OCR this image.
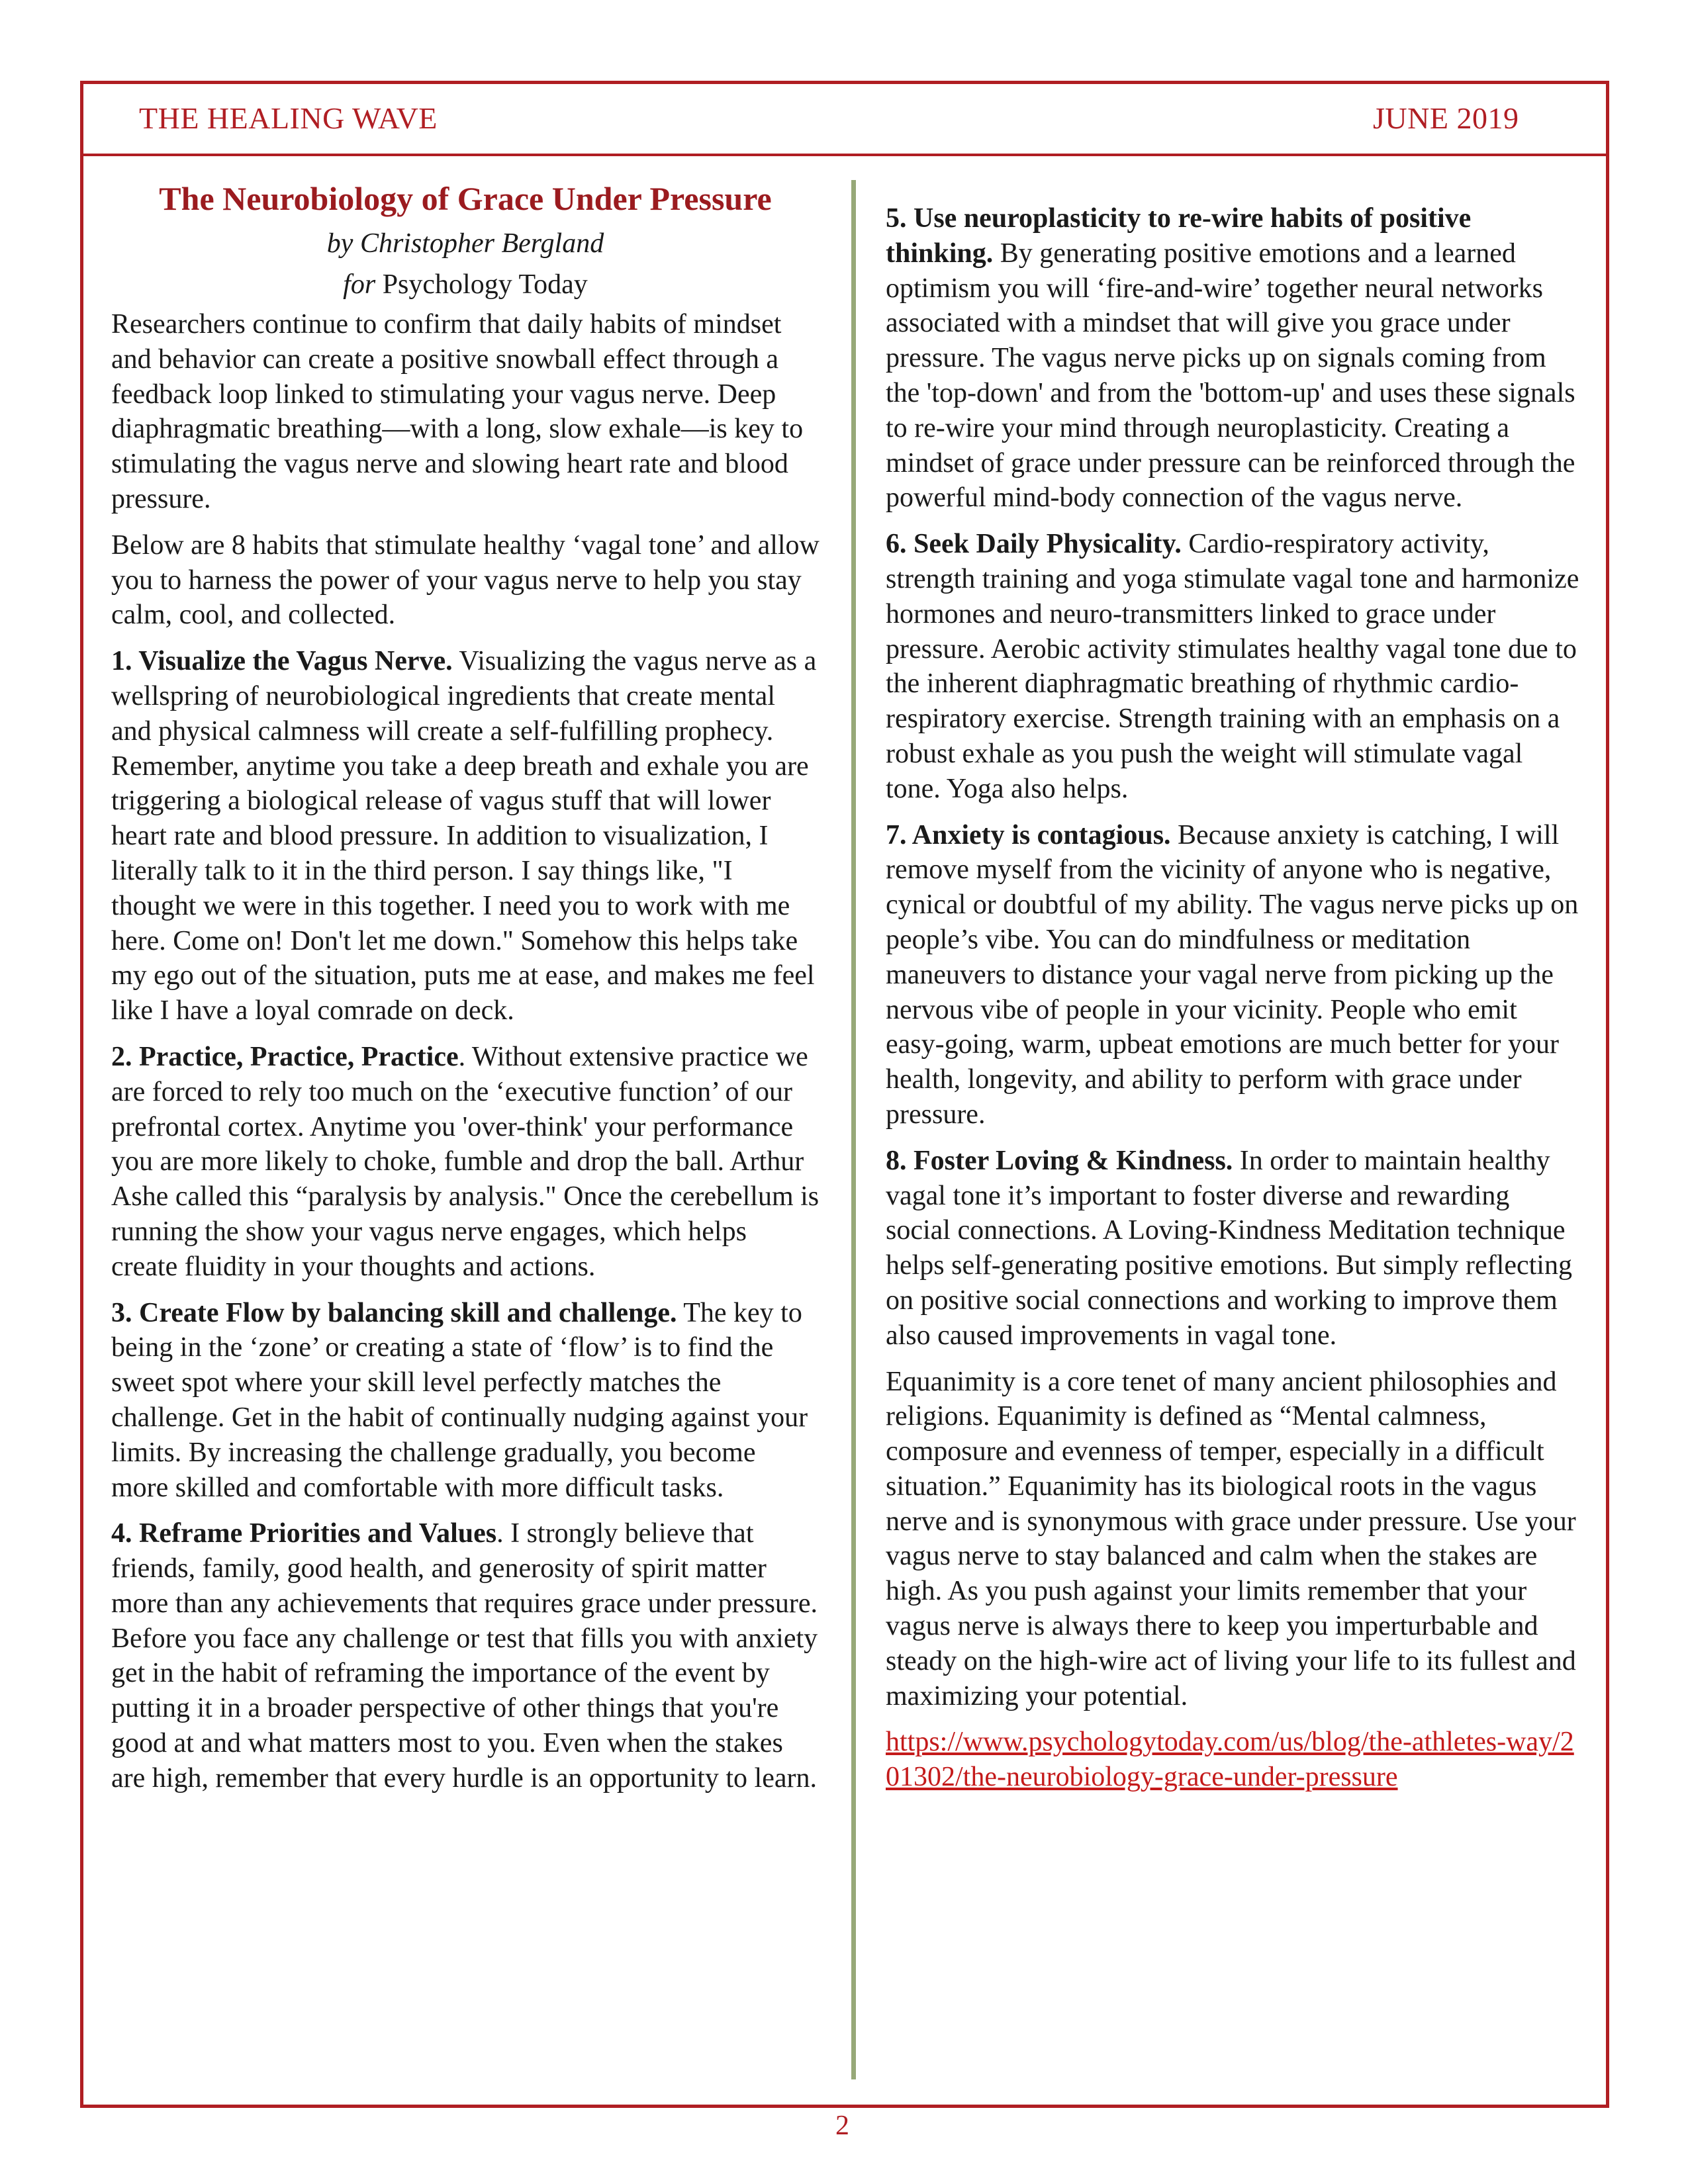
THE HEALING WAVE	JUNE 2019
The Neurobiology of Grace Under Pressure
by Christopher Bergland
for Psychology Today

Researchers continue to confirm that daily habits of mindset and behavior can create a positive snowball effect through a feedback loop linked to stimulating your vagus nerve. Deep diaphragmatic breathing—with a long, slow exhale—is key to stimulating the vagus nerve and slowing heart rate and blood pressure.

Below are 8 habits that stimulate healthy ‘vagal tone’ and allow you to harness the power of your vagus nerve to help you stay calm, cool, and collected.

1. Visualize the Vagus Nerve. Visualizing the vagus nerve as a wellspring of neurobiological ingredients that create mental and physical calmness will create a self-fulfilling prophecy. Remember, anytime you take a deep breath and exhale you are triggering a biological release of vagus stuff that will lower heart rate and blood pressure. In addition to visualization, I literally talk to it in the third person. I say things like, "I thought we were in this together. I need you to work with me here. Come on! Don't let me down." Somehow this helps take my ego out of the situation, puts me at ease, and makes me feel like I have a loyal comrade on deck.

2. Practice, Practice, Practice. Without extensive practice we are forced to rely too much on the ‘executive function’ of our prefrontal cortex. Anytime you 'over-think' your performance you are more likely to choke, fumble and drop the ball. Arthur Ashe called this “paralysis by analysis." Once the cerebellum is running the show your vagus nerve engages, which helps create fluidity in your thoughts and actions.

3. Create Flow by balancing skill and challenge. The key to being in the ‘zone’ or creating a state of ‘flow’ is to find the sweet spot where your skill level perfectly matches the challenge. Get in the habit of continually nudging against your limits. By increasing the challenge gradually, you become more skilled and comfortable with more difficult tasks.

4. Reframe Priorities and Values. I strongly believe that friends, family, good health, and generosity of spirit matter more than any achievements that requires grace under pressure. Before you face any challenge or test that fills you with anxiety get in the habit of reframing the importance of the event by putting it in a broader perspective of other things that you're good at and what matters most to you. Even when the stakes are high, remember that every hurdle is an opportunity to learn.

5. Use neuroplasticity to re-wire habits of positive thinking. By generating positive emotions and a learned optimism you will ‘fire-and-wire’ together neural networks associated with a mindset that will give you grace under pressure. The vagus nerve picks up on signals coming from the 'top-down' and from the 'bottom-up' and uses these signals to re-wire your mind through neuroplasticity. Creating a mindset of grace under pressure can be reinforced through the powerful mind-body connection of the vagus nerve.

6. Seek Daily Physicality. Cardio-respiratory activity, strength training and yoga stimulate vagal tone and harmonize hormones and neuro-transmitters linked to grace under pressure. Aerobic activity stimulates healthy vagal tone due to the inherent diaphragmatic breathing of rhythmic cardio-respiratory exercise. Strength training with an emphasis on a robust exhale as you push the weight will stimulate vagal tone. Yoga also helps.

7. Anxiety is contagious. Because anxiety is catching, I will remove myself from the vicinity of anyone who is negative, cynical or doubtful of my ability. The vagus nerve picks up on people’s vibe. You can do mindfulness or meditation maneuvers to distance your vagal nerve from picking up the nervous vibe of people in your vicinity. People who emit easy-going, warm, upbeat emotions are much better for your health, longevity, and ability to perform with grace under pressure.

8. Foster Loving & Kindness. In order to maintain healthy vagal tone it’s important to foster diverse and rewarding social connections. A Loving-Kindness Meditation technique helps self-generating positive emotions. But simply reflecting on positive social connections and working to improve them also caused improvements in vagal tone.

Equanimity is a core tenet of many ancient philosophies and religions. Equanimity is defined as “Mental calmness, composure and evenness of temper, especially in a difficult situation.” Equanimity has its biological roots in the vagus nerve and is synonymous with grace under pressure. Use your vagus nerve to stay balanced and calm when the stakes are high. As you push against your limits remember that your vagus nerve is always there to keep you imperturbable and steady on the high-wire act of living your life to its fullest and maximizing your potential.

https://www.psychologytoday.com/us/blog/the-athletes-way/201302/the-neurobiology-grace-under-pressure

2
